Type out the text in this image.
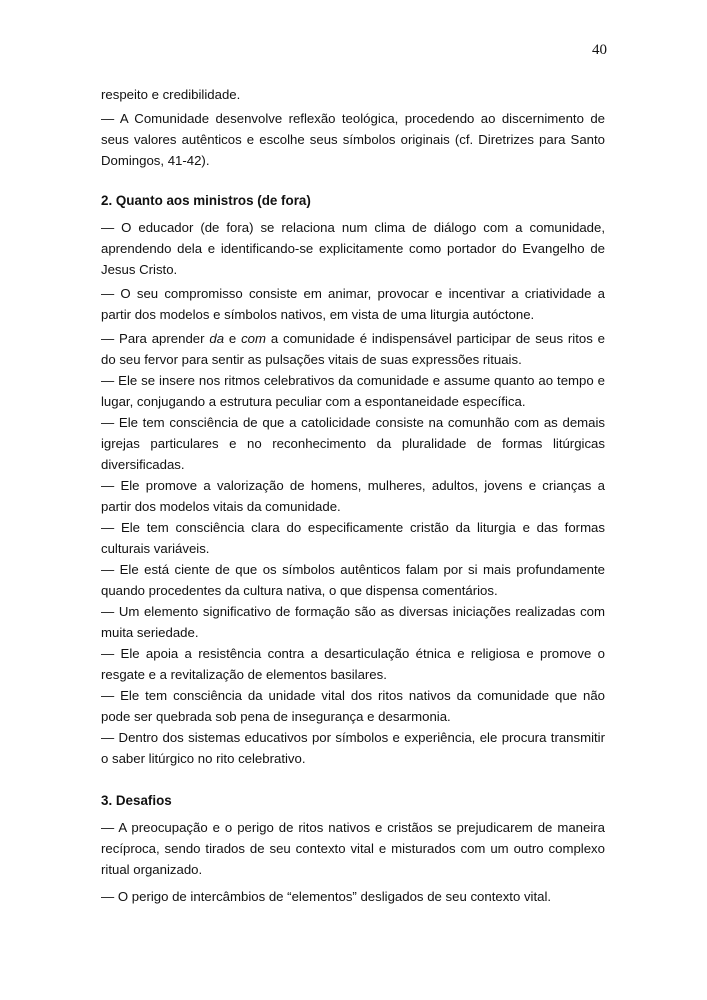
40

respeito e credibilidade.

— A Comunidade desenvolve reflexão teológica, procedendo ao discernimento de seus valores autênticos e escolhe seus símbolos originais (cf. Diretrizes para Santo Domingos, 41-42).

2. Quanto aos ministros (de fora)

— O educador (de fora) se relaciona num clima de diálogo com a comunidade, aprendendo dela e identificando-se explicitamente como portador do Evangelho de Jesus Cristo.

— O seu compromisso consiste em animar, provocar e incentivar a criatividade a partir dos modelos e símbolos nativos, em vista de uma liturgia autóctone.

— Para aprender da e com a comunidade é indispensável participar de seus ritos e do seu fervor para sentir as pulsações vitais de suas expressões rituais.

— Ele se insere nos ritmos celebrativos da comunidade e assume quanto ao tempo e lugar, conjugando a estrutura peculiar com a espontaneidade específica.

— Ele tem consciência de que a catolicidade consiste na comunhão com as demais igrejas particulares e no reconhecimento da pluralidade de formas litúrgicas diversificadas.

— Ele promove a valorização de homens, mulheres, adultos, jovens e crianças a partir dos modelos vitais da comunidade.

— Ele tem consciência clara do especificamente cristão da liturgia e das formas culturais variáveis.

— Ele está ciente de que os símbolos autênticos falam por si mais profundamente quando procedentes da cultura nativa, o que dispensa comentários.

— Um elemento significativo de formação são as diversas iniciações realizadas com muita seriedade.

— Ele apoia a resistência contra a desarticulação étnica e religiosa e promove o resgate e a revitalização de elementos basilares.

— Ele tem consciência da unidade vital dos ritos nativos da comunidade que não pode ser quebrada sob pena de insegurança e desarmonia.

— Dentro dos sistemas educativos por símbolos e experiência, ele procura transmitir o saber litúrgico no rito celebrativo.

3. Desafios

— A preocupação e o perigo de ritos nativos e cristãos se prejudicarem de maneira recíproca, sendo tirados de seu contexto vital e misturados com um outro complexo ritual organizado.

— O perigo de intercâmbios de “elementos” desligados de seu contexto vital.
